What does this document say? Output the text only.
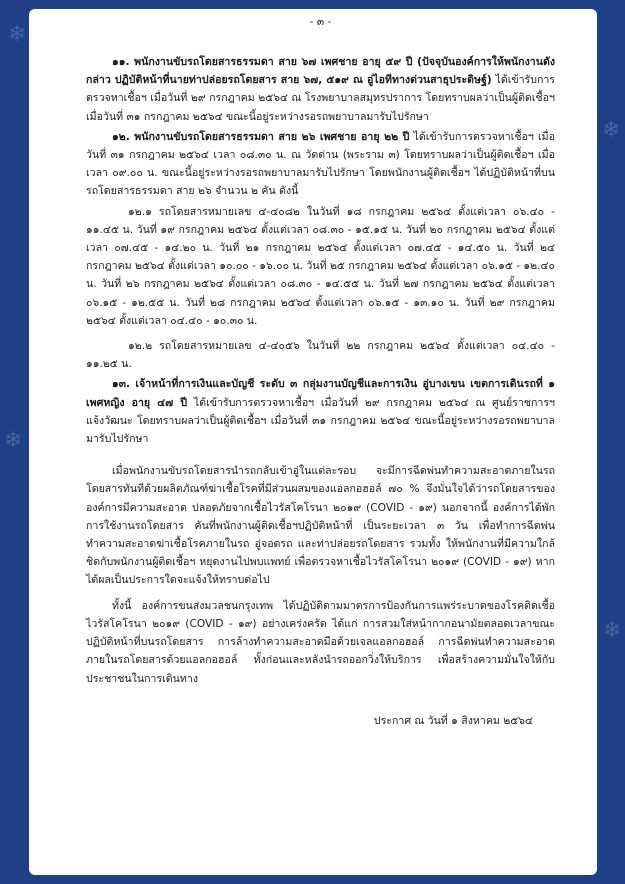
❄
❄
❄
❄
- ๓ -

๑๑. พนักงานขับรถโดยสารธรรมดา สาย ๖๗ เพศชาย อายุ ๕๙ ปี (ปัจจุบันองค์การให้พนักงานดังกล่าว ปฏิบัติหน้าที่นายท่าปล่อยรถโดยสาร สาย ๖๗, ๕๑๙ ณ อู่ไอทีทางด่วนสาธุประดิษฐ์) ได้เข้ารับการตรวจหาเชื้อฯ เมื่อวันที่ ๒๙ กรกฎาคม ๒๕๖๔ ณ โรงพยาบาลสมุทรปราการ โดยทราบผลว่าเป็นผู้ติดเชื้อฯ เมื่อวันที่ ๓๑ กรกฎาคม ๒๕๖๔ ขณะนี้อยู่ระหว่างรอรถพยาบาลมารับไปรักษา

๑๒. พนักงานขับรถโดยสารธรรมดา สาย ๒๖ เพศชาย อายุ ๒๒ ปี ได้เข้ารับการตรวจหาเชื้อฯ เมื่อวันที่ ๓๑ กรกฎาคม ๒๕๖๔ เวลา ๐๘.๓๐ น. ณ วัดด่าน (พระราม ๓) โดยทราบผลว่าเป็นผู้ติดเชื้อฯ เมื่อเวลา ๐๙.๐๐ น. ขณะนี้อยู่ระหว่างรอรถพยาบาลมารับไปรักษา โดยพนักงานผู้ติดเชื้อฯ ได้ปฏิบัติหน้าที่บนรถโดยสารธรรมดา สาย ๒๖ จำนวน ๒ คัน ดังนี้

๑๒.๑ รถโดยสารหมายเลข ๔-๔๐๘๒ ในวันที่ ๑๘ กรกฎาคม ๒๕๖๔ ตั้งแต่เวลา ๐๖.๔๐ - ๑๑.๔๕ น. วันที่ ๑๙ กรกฎาคม ๒๕๖๔ ตั้งแต่เวลา ๐๘.๓๐ - ๑๕.๑๕ น. วันที่ ๒๐ กรกฎาคม ๒๕๖๔ ตั้งแต่เวลา ๐๗.๔๕ - ๑๔.๒๐ น. วันที่ ๒๑ กรกฎาคม ๒๕๖๔ ตั้งแต่เวลา ๐๗.๔๕ - ๑๔.๕๐ น. วันที่ ๒๔ กรกฎาคม ๒๕๖๔ ตั้งแต่เวลา ๑๐.๐๐ - ๑๖.๐๐ น. วันที่ ๒๕ กรกฎาคม ๒๕๖๔ ตั้งแต่เวลา ๐๖.๑๕ - ๑๒.๔๐ น. วันที่ ๒๖ กรกฎาคม ๒๕๖๔ ตั้งแต่เวลา ๐๘.๓๐ - ๑๔.๕๕ น. วันที่ ๒๗ กรกฎาคม ๒๕๖๔ ตั้งแต่เวลา ๐๖.๑๕ - ๑๒.๕๕ น. วันที่ ๒๘ กรกฎาคม ๒๕๖๔ ตั้งแต่เวลา ๐๖.๑๕ - ๑๓.๑๐ น. วันที่ ๒๙ กรกฎาคม ๒๕๖๔ ตั้งแต่เวลา ๐๔.๔๐ - ๑๐.๓๐ น.

๑๒.๒ รถโดยสารหมายเลข ๔-๔๐๕๖ ในวันที่ ๒๒ กรกฎาคม ๒๕๖๔ ตั้งแต่เวลา ๐๔.๔๐ - ๑๑.๒๕ น.

๑๓. เจ้าหน้าที่การเงินและบัญชี ระดับ ๓ กลุ่มงานบัญชีและการเงิน อู่บางเขน เขตการเดินรถที่ ๑ เพศหญิง อายุ ๔๗ ปี ได้เข้ารับการตรวจหาเชื้อฯ เมื่อวันที่ ๒๙ กรกฎาคม ๒๕๖๔ ณ ศูนย์ราชการฯ แจ้งวัฒนะ โดยทราบผลว่าเป็นผู้ติดเชื้อฯ เมื่อวันที่ ๓๑ กรกฎาคม ๒๕๖๔ ขณะนี้อยู่ระหว่างรอรถพยาบาลมารับไปรักษา

เมื่อพนักงานขับรถโดยสารนำรถกลับเข้าอู่ในแต่ละรอบ จะมีการฉีดพ่นทำความสะอาดภายในรถโดยสารทันทีด้วยผลิตภัณฑ์ฆ่าเชื้อโรคที่มีส่วนผสมของแอลกอฮอล์ ๗๐ % จึงมั่นใจได้ว่ารถโดยสารขององค์การมีความสะอาด ปลอดภัยจากเชื้อไวรัสโคโรนา ๒๐๑๙ (COVID - ๑๙) นอกจากนี้ องค์การได้พักการใช้งานรถโดยสาร คันที่พนักงานผู้ติดเชื้อฯปฏิบัติหน้าที่ เป็นระยะเวลา ๓ วัน เพื่อทำการฉีดพ่นทำความสะอาดฆ่าเชื้อโรคภายในรถ อู่จอดรถ และท่าปล่อยรถโดยสาร รวมทั้ง ให้พนักงานที่มีความใกล้ชิดกับพนักงานผู้ติดเชื้อฯ หยุดงานไปพบแพทย์ เพื่อตรวจหาเชื้อไวรัสโคโรนา ๒๐๑๙ (COVID - ๑๙) หากได้ผลเป็นประการใดจะแจ้งให้ทราบต่อไป

ทั้งนี้ องค์การขนส่งมวลชนกรุงเทพ ได้ปฏิบัติตามมาตรการป้องกันการแพร่ระบาดของโรคติดเชื้อไวรัสโคโรนา ๒๐๑๙ (COVID - ๑๙) อย่างเคร่งครัด ได้แก่ การสวมใส่หน้ากากอนามัยตลอดเวลาขณะปฏิบัติหน้าที่บนรถโดยสาร การล้างทำความสะอาดมือด้วยเจลแอลกอฮอล์ การฉีดพ่นทำความสะอาดภายในรถโดยสารด้วยแอลกอฮอล์ ทั้งก่อนและหลังนำรถออกวิ่งให้บริการ เพื่อสร้างความมั่นใจให้กับประชาชนในการเดินทาง

ประกาศ ณ วันที่ ๑ สิงหาคม ๒๕๖๔
